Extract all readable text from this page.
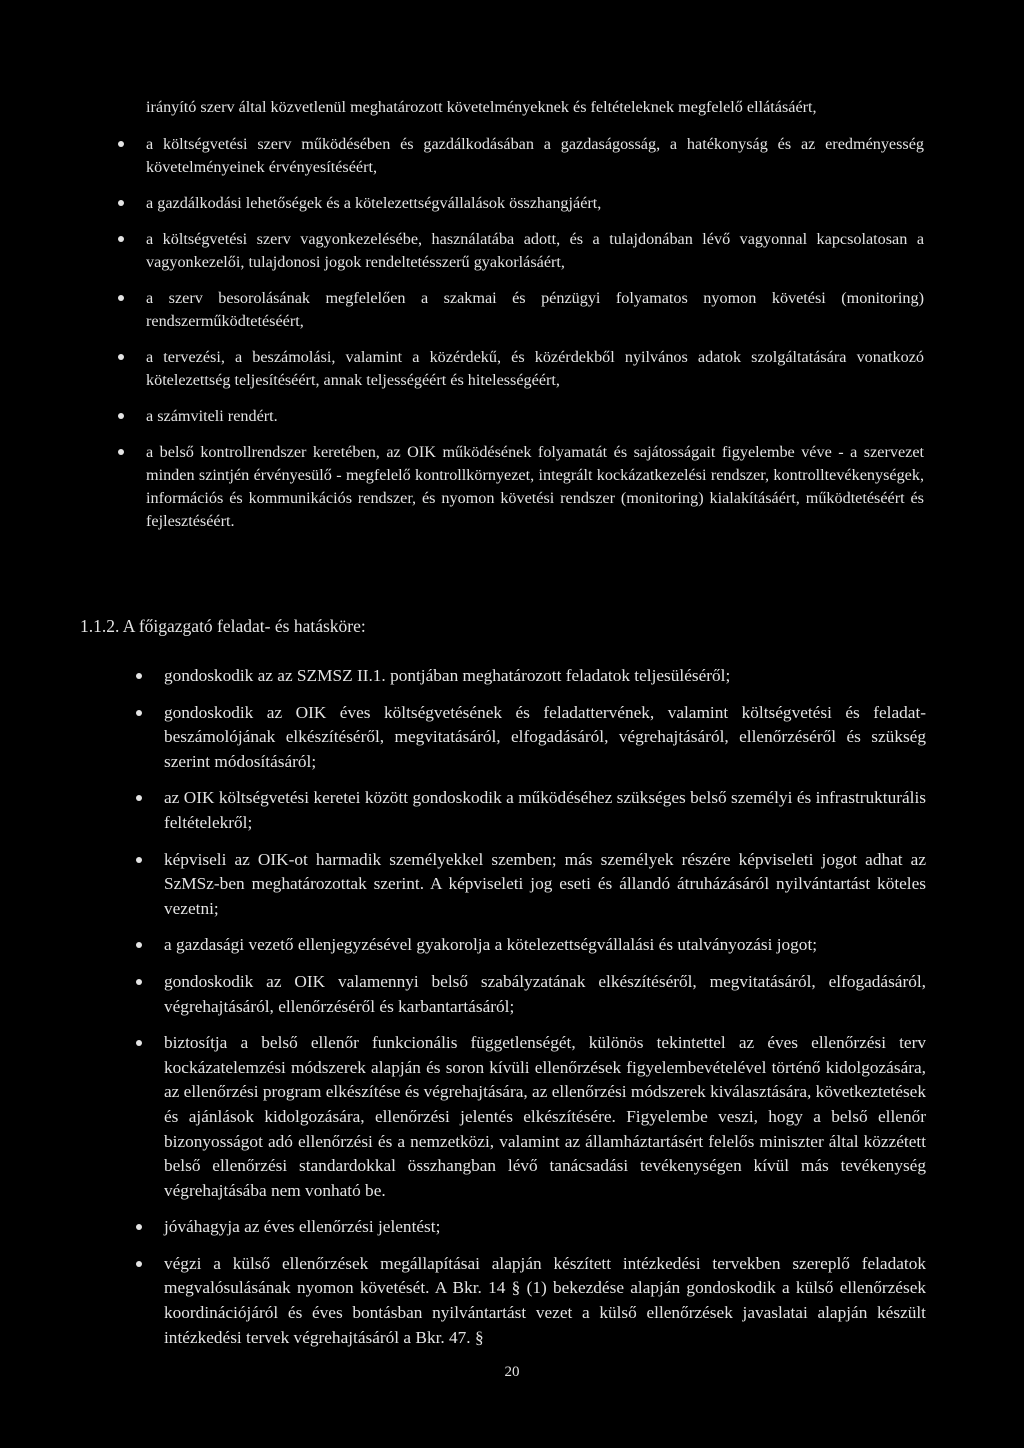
irányító szerv által közvetlenül meghatározott követelményeknek és feltételeknek megfelelő ellátásáért,

a költségvetési szerv működésében és gazdálkodásában a gazdaságosság, a hatékonyság és az eredményesség követelményeinek érvényesítéséért,
a gazdálkodási lehetőségek és a kötelezettségvállalások összhangjáért,
a költségvetési szerv vagyonkezelésébe, használatába adott, és a tulajdonában lévő vagyonnal kapcsolatosan a vagyonkezelői, tulajdonosi jogok rendeltetésszerű gyakorlásáért,
a szerv besorolásának megfelelően a szakmai és pénzügyi folyamatos nyomon követési (monitoring) rendszerműködtetéséért,
a tervezési, a beszámolási, valamint a közérdekű, és közérdekből nyilvános adatok szolgáltatására vonatkozó kötelezettség teljesítéséért, annak teljességéért és hitelességéért,
a számviteli rendért.
a belső kontrollrendszer keretében, az OIK működésének folyamatát és sajátosságait figyelembe véve - a szervezet minden szintjén érvényesülő - megfelelő kontrollkörnyezet, integrált kockázatkezelési rendszer, kontrolltevékenységek, információs és kommunikációs rendszer, és nyomon követési rendszer (monitoring) kialakításáért, működtetéséért és fejlesztéséért.
1.1.2. A főigazgató feladat- és hatásköre:
gondoskodik az az SZMSZ II.1. pontjában meghatározott feladatok teljesüléséről;
gondoskodik az OIK éves költségvetésének és feladattervének, valamint költségvetési és feladat-beszámolójának elkészítéséről, megvitatásáról, elfogadásáról, végrehajtásáról, ellenőrzéséről és szükség szerint módosításáról;
az OIK költségvetési keretei között gondoskodik a működéséhez szükséges belső személyi és infrastrukturális feltételekről;
képviseli az OIK-ot harmadik személyekkel szemben; más személyek részére képviseleti jogot adhat az SzMSz-ben meghatározottak szerint. A képviseleti jog eseti és állandó átruházásáról nyilvántartást köteles vezetni;
a gazdasági vezető ellenjegyzésével gyakorolja a kötelezettségvállalási és utalványozási jogot;
gondoskodik az OIK valamennyi belső szabályzatának elkészítéséről, megvitatásáról, elfogadásáról, végrehajtásáról, ellenőrzéséről és karbantartásáról;
biztosítja a belső ellenőr funkcionális függetlenségét, különös tekintettel az éves ellenőrzési terv kockázatelemzési módszerek alapján és soron kívüli ellenőrzések figyelembevételével történő kidolgozására, az ellenőrzési program elkészítése és végrehajtására, az ellenőrzési módszerek kiválasztására, következtetések és ajánlások kidolgozására, ellenőrzési jelentés elkészítésére. Figyelembe veszi, hogy a belső ellenőr bizonyosságot adó ellenőrzési és a nemzetközi, valamint az államháztartásért felelős miniszter által közzétett belső ellenőrzési standardokkal összhangban lévő tanácsadási tevékenységen kívül más tevékenység végrehajtásába nem vonható be.
jóváhagyja az éves ellenőrzési jelentést;
végzi a külső ellenőrzések megállapításai alapján készített intézkedési tervekben szereplő feladatok megvalósulásának nyomon követését. A Bkr. 14 § (1) bekezdése alapján gondoskodik a külső ellenőrzések koordinációjáról és éves bontásban nyilvántartást vezet a külső ellenőrzések javaslatai alapján készült intézkedési tervek végrehajtásáról a Bkr. 47. §
20
